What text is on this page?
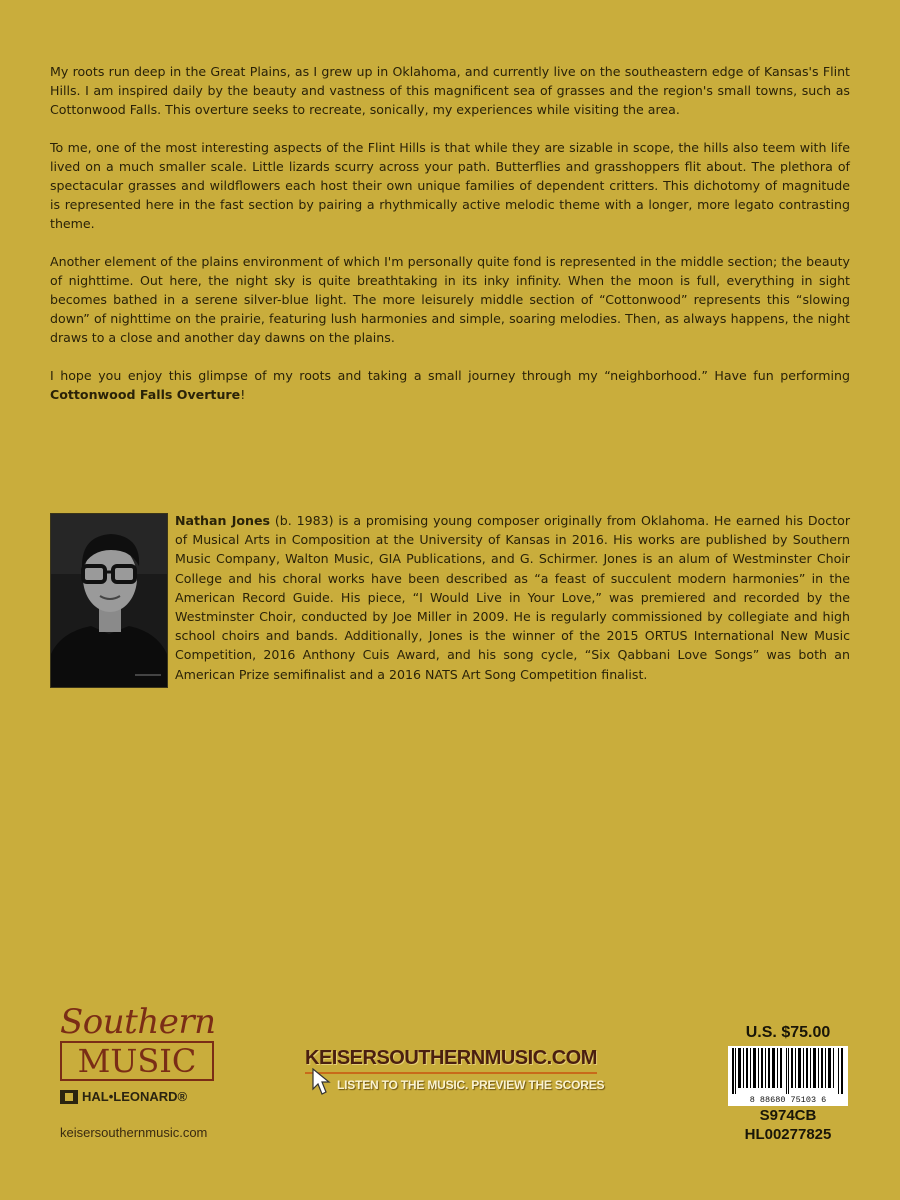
My roots run deep in the Great Plains, as I grew up in Oklahoma, and currently live on the southeastern edge of Kansas's Flint Hills. I am inspired daily by the beauty and vastness of this magnificent sea of grasses and the region's small towns, such as Cottonwood Falls. This overture seeks to recreate, sonically, my experiences while visiting the area.

To me, one of the most interesting aspects of the Flint Hills is that while they are sizable in scope, the hills also teem with life lived on a much smaller scale. Little lizards scurry across your path. Butterflies and grasshoppers flit about. The plethora of spectacular grasses and wildflowers each host their own unique families of dependent critters. This dichotomy of magnitude is represented here in the fast section by pairing a rhythmically active melodic theme with a longer, more legato contrasting theme.

Another element of the plains environment of which I'm personally quite fond is represented in the middle section; the beauty of nighttime. Out here, the night sky is quite breathtaking in its inky infinity. When the moon is full, everything in sight becomes bathed in a serene silver-blue light. The more leisurely middle section of “Cottonwood” represents this “slowing down” of nighttime on the prairie, featuring lush harmonies and simple, soaring melodies. Then, as always happens, the night draws to a close and another day dawns on the plains.

I hope you enjoy this glimpse of my roots and taking a small journey through my “neighborhood.” Have fun performing Cottonwood Falls Overture!

Nathan Jones (b. 1983) is a promising young composer originally from Oklahoma. He earned his Doctor of Musical Arts in Composition at the University of Kansas in 2016. His works are published by Southern Music Company, Walton Music, GIA Publications, and G. Schirmer. Jones is an alum of Westminster Choir College and his choral works have been described as “a feast of succulent modern harmonies” in the American Record Guide. His piece, “I Would Live in Your Love,” was premiered and recorded by the Westminster Choir, conducted by Joe Miller in 2009. He is regularly commissioned by collegiate and high school choirs and bands. Additionally, Jones is the winner of the 2015 ORTUS International New Music Competition, 2016 Anthony Cuis Award, and his song cycle, “Six Qabbani Love Songs” was both an American Prize semifinalist and a 2016 NATS Art Song Competition finalist.
Southern
MUSIC
HAL•LEONARD®
keisersouthernmusic.com
KEISERSOUTHERNMUSIC.COM
LISTEN TO THE MUSIC. PREVIEW THE SCORES
U.S. $75.00
8 88680 75103 6
S974CB
HL00277825
